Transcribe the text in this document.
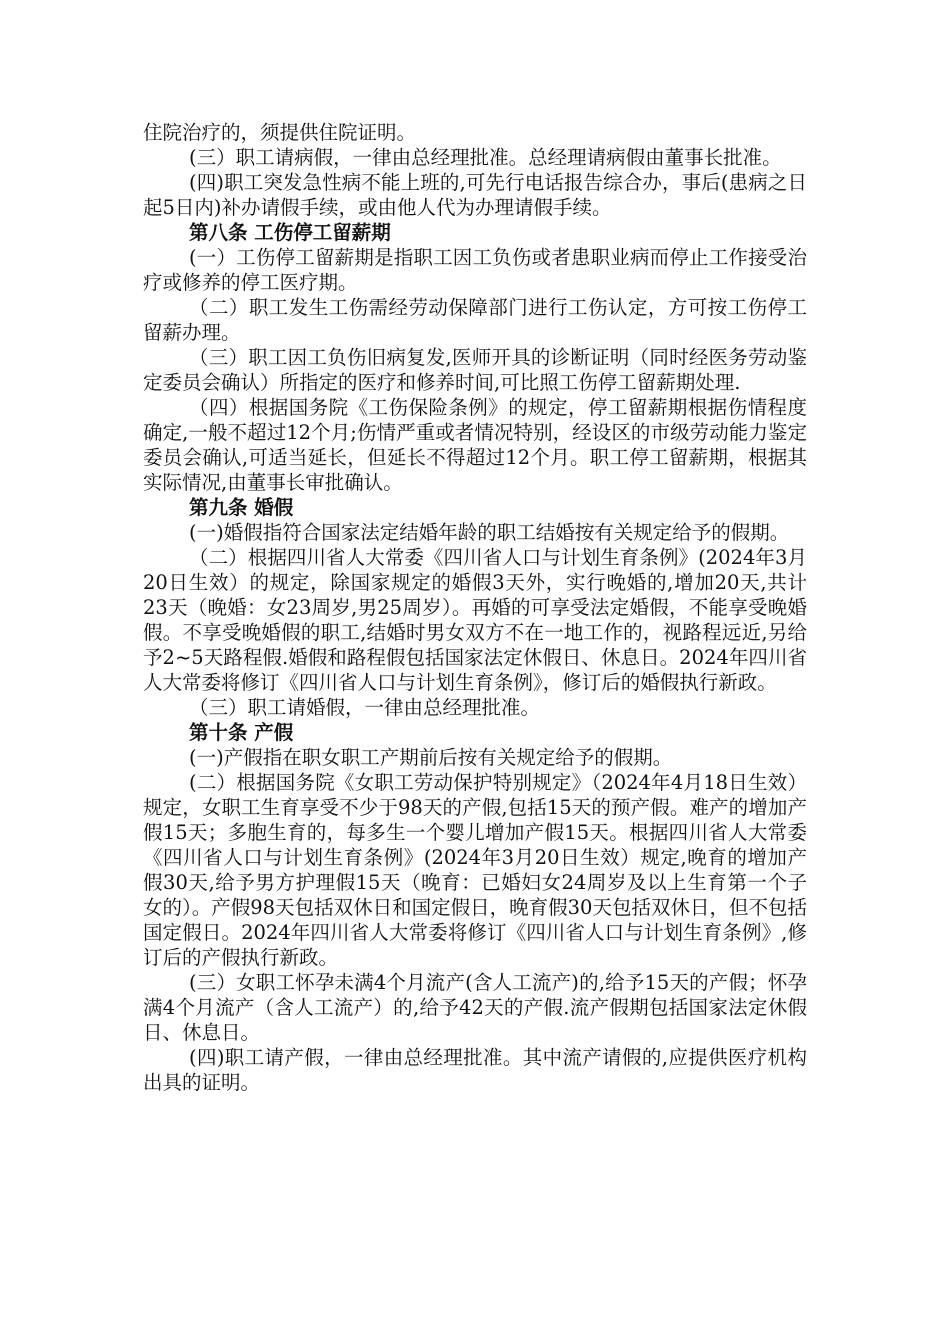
住院治疗的，须提供住院证明。

(三）职工请病假，一律由总经理批准。总经理请病假由董事长批准。

(四)职工突发急性病不能上班的,可先行电话报告综合办，事后(患病之日起5日内)补办请假手续，或由他人代为办理请假手续。

第八条 工伤停工留薪期

(一）工伤停工留薪期是指职工因工负伤或者患职业病而停止工作接受治疗或修养的停工医疗期。

（二）职工发生工伤需经劳动保障部门进行工伤认定，方可按工伤停工留薪办理。

（三）职工因工负伤旧病复发,医师开具的诊断证明（同时经医务劳动鉴定委员会确认）所指定的医疗和修养时间,可比照工伤停工留薪期处理.

（四）根据国务院《工伤保险条例》的规定，停工留薪期根据伤情程度确定,一般不超过12个月;伤情严重或者情况特别，经设区的市级劳动能力鉴定委员会确认,可适当延长，但延长不得超过12个月。职工停工留薪期，根据其实际情况,由董事长审批确认。

第九条 婚假

(一)婚假指符合国家法定结婚年龄的职工结婚按有关规定给予的假期。

（二）根据四川省人大常委《四川省人口与计划生育条例》(2024年3月20日生效）的规定，除国家规定的婚假3天外，实行晚婚的,增加20天,共计23天（晚婚：女23周岁,男25周岁）。再婚的可享受法定婚假，不能享受晚婚假。不享受晚婚假的职工,结婚时男女双方不在一地工作的，视路程远近,另给予2~5天路程假.婚假和路程假包括国家法定休假日、休息日。2024年四川省人大常委将修订《四川省人口与计划生育条例》，修订后的婚假执行新政。

（三）职工请婚假，一律由总经理批准。

第十条 产假

(一)产假指在职女职工产期前后按有关规定给予的假期。

(二）根据国务院《女职工劳动保护特别规定》（2024年4月18日生效）规定，女职工生育享受不少于98天的产假,包括15天的预产假。难产的增加产假15天；多胞生育的，每多生一个婴儿增加产假15天。根据四川省人大常委《四川省人口与计划生育条例》(2024年3月20日生效）规定,晚育的增加产假30天,给予男方护理假15天（晚育：已婚妇女24周岁及以上生育第一个子女的）。产假98天包括双休日和国定假日，晚育假30天包括双休日，但不包括国定假日。2024年四川省人大常委将修订《四川省人口与计划生育条例》,修订后的产假执行新政。

(三）女职工怀孕未满4个月流产(含人工流产)的,给予15天的产假；怀孕满4个月流产（含人工流产）的,给予42天的产假.流产假期包括国家法定休假日、休息日。

(四)职工请产假，一律由总经理批准。其中流产请假的,应提供医疗机构出具的证明。
